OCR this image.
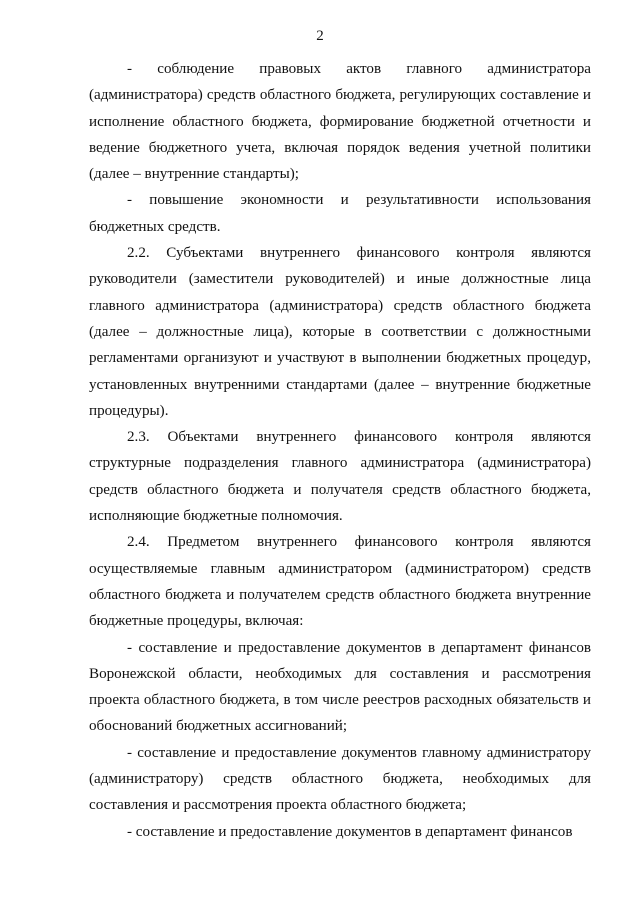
2

- соблюдение правовых актов главного администратора (администратора) средств областного бюджета, регулирующих составление и исполнение областного бюджета, формирование бюджетной отчетности и ведение бюджетного учета, включая порядок ведения учетной политики (далее – внутренние стандарты);

- повышение экономности и результативности использования бюджетных средств.

2.2. Субъектами внутреннего финансового контроля являются руководители (заместители руководителей) и иные должностные лица главного администратора (администратора) средств областного бюджета (далее – должностные лица), которые в соответствии с должностными регламентами организуют и участвуют в выполнении бюджетных процедур, установленных внутренними стандартами (далее – внутренние бюджетные процедуры).

2.3. Объектами внутреннего финансового контроля являются структурные подразделения главного администратора (администратора) средств областного бюджета и получателя средств областного бюджета, исполняющие бюджетные полномочия.

2.4. Предметом внутреннего финансового контроля являются осуществляемые главным администратором (администратором) средств областного бюджета и получателем средств областного бюджета внутренние бюджетные процедуры, включая:

- составление и предоставление документов в департамент финансов Воронежской области, необходимых для составления и рассмотрения проекта областного бюджета, в том числе реестров расходных обязательств и обоснований бюджетных ассигнований;

- составление и предоставление документов главному администратору (администратору) средств областного бюджета, необходимых для составления и рассмотрения проекта областного бюджета;

- составление и предоставление документов в департамент финансов
